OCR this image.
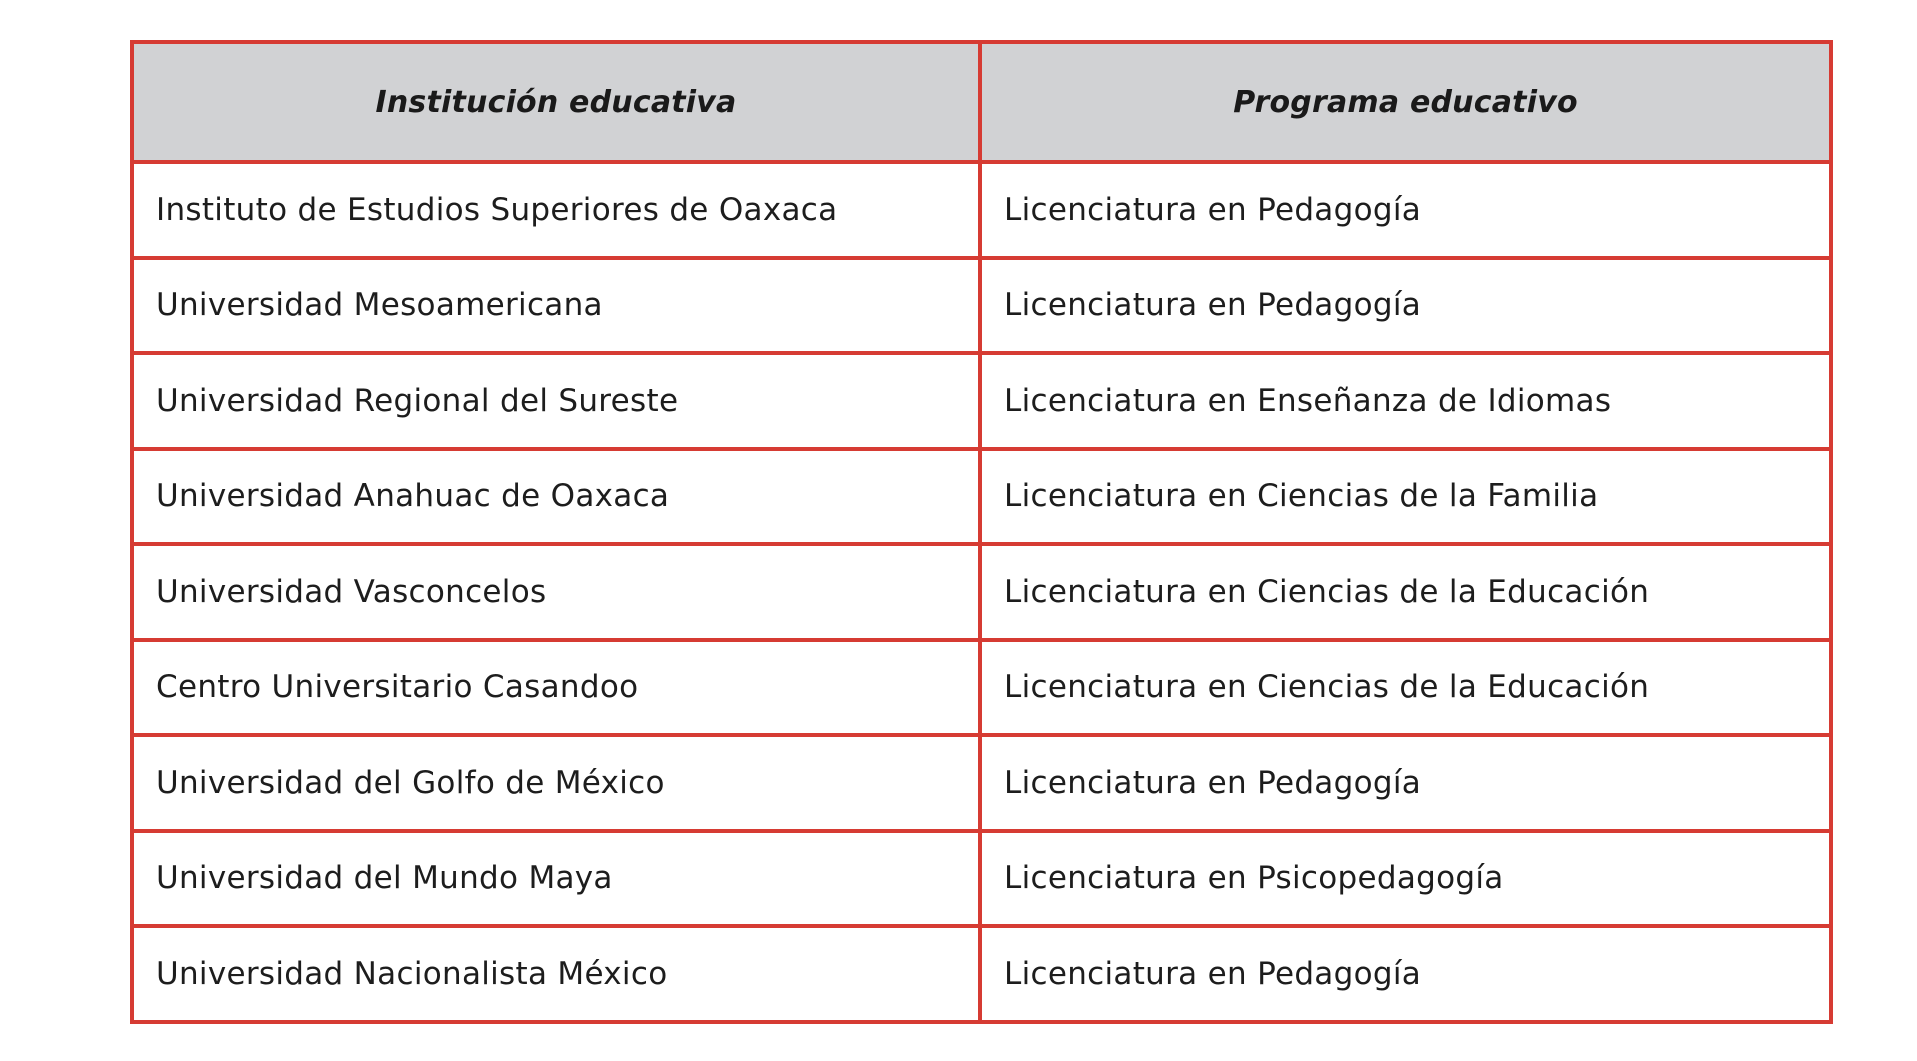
Institución educativa	Programa educativo
Instituto de Estudios Superiores de Oaxaca	Licenciatura en Pedagogía
Universidad Mesoamericana	Licenciatura en Pedagogía
Universidad Regional del Sureste	Licenciatura en Enseñanza de Idiomas
Universidad Anahuac de Oaxaca	Licenciatura en Ciencias de la Familia
Universidad Vasconcelos	Licenciatura en Ciencias de la Educación
Centro Universitario Casandoo	Licenciatura en Ciencias de la Educación
Universidad del Golfo de México	Licenciatura en Pedagogía
Universidad del Mundo Maya	Licenciatura en Psicopedagogía
Universidad Nacionalista México	Licenciatura en Pedagogía
